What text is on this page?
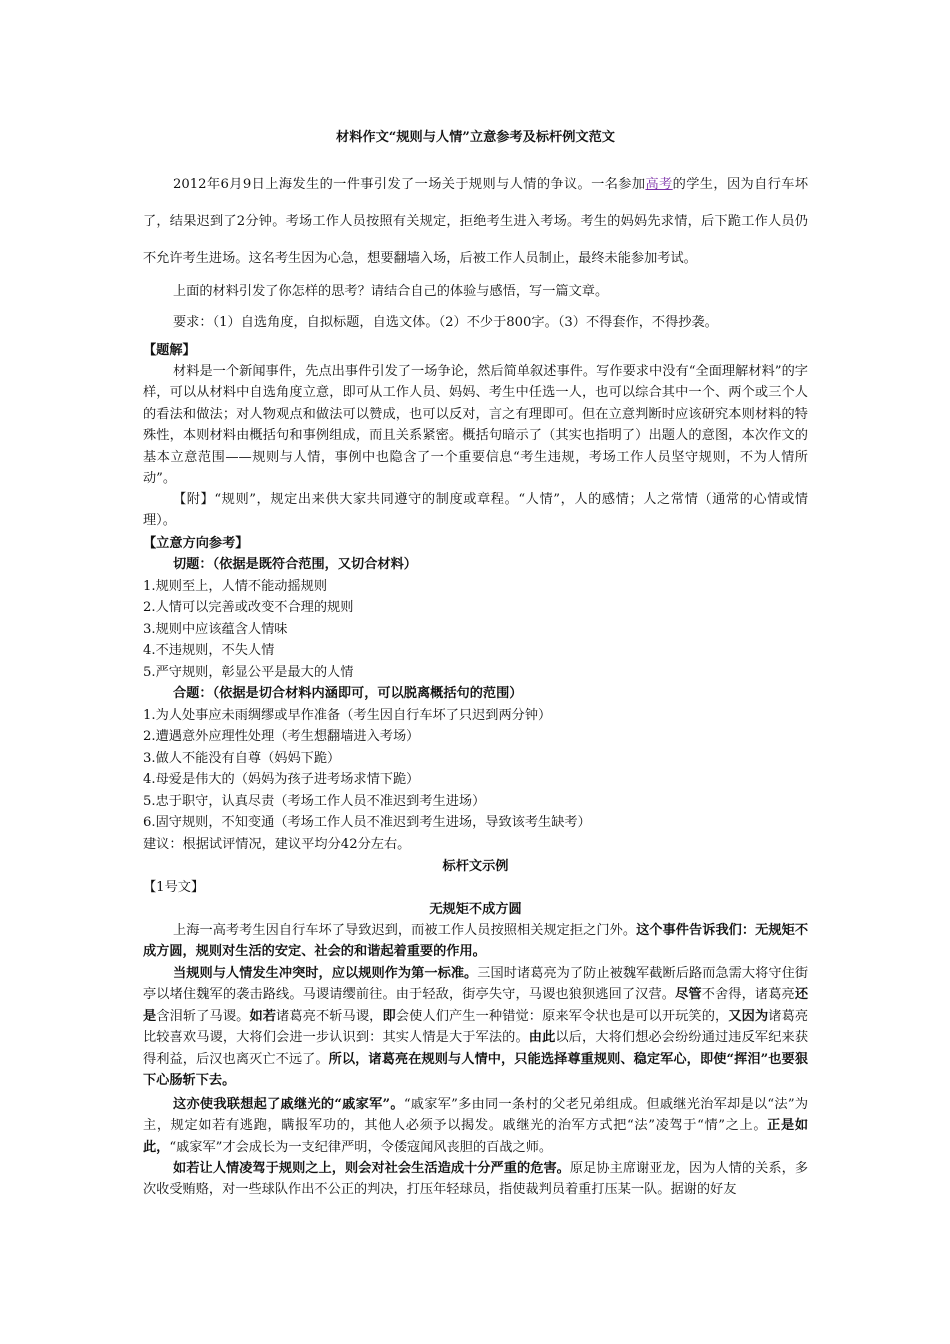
材料作文“规则与人情”立意参考及标杆例文范文
2012年6月9日上海发生的一件事引发了一场关于规则与人情的争议。一名参加高考的学生，因为自行车坏了，结果迟到了2分钟。考场工作人员按照有关规定，拒绝考生进入考场。考生的妈妈先求情，后下跪工作人员仍不允许考生进场。这名考生因为心急，想要翻墙入场，后被工作人员制止，最终未能参加考试。
上面的材料引发了你怎样的思考？请结合自己的体验与感悟，写一篇文章。
要求：（1）自选角度，自拟标题，自选文体。（2）不少于800字。（3）不得套作，不得抄袭。
【题解】
材料是一个新闻事件，先点出事件引发了一场争论，然后简单叙述事件。写作要求中没有“全面理解材料”的字样，可以从材料中自选角度立意，即可从工作人员、妈妈、考生中任选一人，也可以综合其中一个、两个或三个人的看法和做法；对人物观点和做法可以赞成，也可以反对，言之有理即可。但在立意判断时应该研究本则材料的特殊性，本则材料由概括句和事例组成，而且关系紧密。概括句暗示了（其实也指明了）出题人的意图，本次作文的基本立意范围——规则与人情，事例中也隐含了一个重要信息“考生违规，考场工作人员坚守规则，不为人情所动”。
【附】“规则”，规定出来供大家共同遵守的制度或章程。“人情”，人的感情；人之常情（通常的心情或情理）。
【立意方向参考】
切题：（依据是既符合范围，又切合材料）
1.规则至上，人情不能动摇规则
2.人情可以完善或改变不合理的规则
3.规则中应该蕴含人情味
4.不违规则，不失人情
5.严守规则，彰显公平是最大的人情
合题：（依据是切合材料内涵即可，可以脱离概括句的范围）
1.为人处事应未雨绸缪或早作准备（考生因自行车坏了只迟到两分钟）
2.遭遇意外应理性处理（考生想翻墙进入考场）
3.做人不能没有自尊（妈妈下跪）
4.母爱是伟大的（妈妈为孩子进考场求情下跪）
5.忠于职守，认真尽责（考场工作人员不准迟到考生进场）
6.固守规则，不知变通（考场工作人员不准迟到考生进场，导致该考生缺考）
建议：根据试评情况，建议平均分42分左右。
标杆文示例
【1号文】
无规矩不成方圆
上海一高考考生因自行车坏了导致迟到，而被工作人员按照相关规定拒之门外。这个事件告诉我们：无规矩不成方圆，规则对生活的安定、社会的和谐起着重要的作用。
当规则与人情发生冲突时，应以规则作为第一标准。三国时诸葛亮为了防止被魏军截断后路而急需大将守住街亭以堵住魏军的袭击路线。马谡请缨前往。由于轻敌，街亭失守，马谡也狼狈逃回了汉营。尽管不舍得，诸葛亮还是含泪斩了马谡。如若诸葛亮不斩马谡，即会使人们产生一种错觉：原来军令状也是可以开玩笑的，又因为诸葛亮比较喜欢马谡，大将们会进一步认识到：其实人情是大于军法的。由此以后，大将们想必会纷纷通过违反军纪来获得利益，后汉也离灭亡不远了。所以，诸葛亮在规则与人情中，只能选择尊重规则、稳定军心，即使“挥泪”也要狠下心肠斩下去。
这亦使我联想起了戚继光的“戚家军”。“戚家军”多由同一条村的父老兄弟组成。但戚继光治军却是以“法”为主，规定如若有逃跑，瞒报军功的，其他人必须予以揭发。戚继光的治军方式把“法”凌驾于“情”之上。正是如此，“戚家军”才会成长为一支纪律严明，令倭寇闻风丧胆的百战之师。
如若让人情凌驾于规则之上，则会对社会生活造成十分严重的危害。原足协主席谢亚龙，因为人情的关系，多次收受贿赂，对一些球队作出不公正的判决，打压年轻球员，指使裁判员着重打压某一队。据谢的好友
